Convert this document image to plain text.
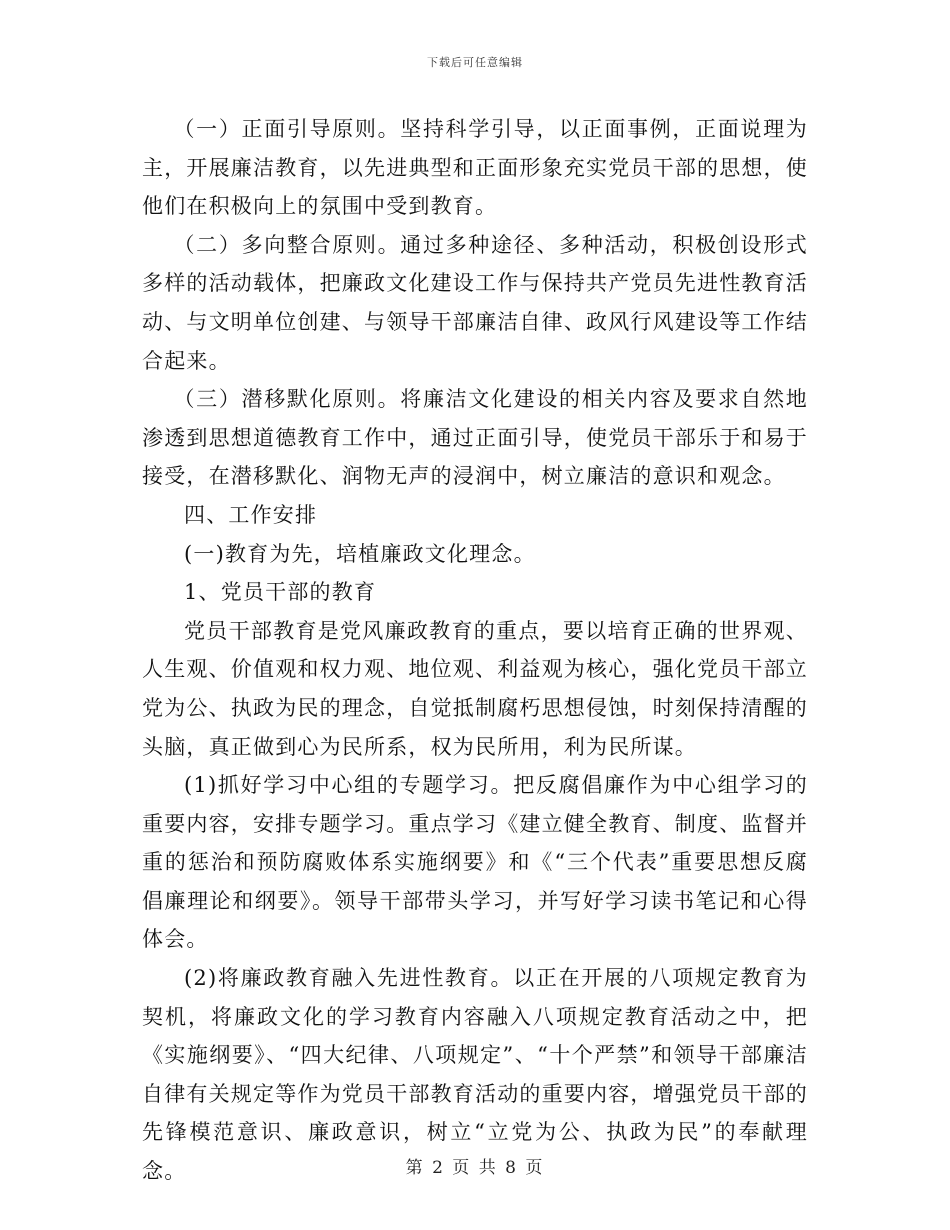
下载后可任意编辑

（一）正面引导原则。坚持科学引导，以正面事例，正面说理为主，开展廉洁教育，以先进典型和正面形象充实党员干部的思想，使他们在积极向上的氛围中受到教育。

（二）多向整合原则。通过多种途径、多种活动，积极创设形式多样的活动载体，把廉政文化建设工作与保持共产党员先进性教育活动、与文明单位创建、与领导干部廉洁自律、政风行风建设等工作结合起来。

（三）潜移默化原则。将廉洁文化建设的相关内容及要求自然地渗透到思想道德教育工作中，通过正面引导，使党员干部乐于和易于接受，在潜移默化、润物无声的浸润中，树立廉洁的意识和观念。

四、工作安排

(一)教育为先，培植廉政文化理念。

1、党员干部的教育

党员干部教育是党风廉政教育的重点，要以培育正确的世界观、人生观、价值观和权力观、地位观、利益观为核心，强化党员干部立党为公、执政为民的理念，自觉抵制腐朽思想侵蚀，时刻保持清醒的头脑，真正做到心为民所系，权为民所用，利为民所谋。

(1)抓好学习中心组的专题学习。把反腐倡廉作为中心组学习的重要内容，安排专题学习。重点学习《建立健全教育、制度、监督并重的惩治和预防腐败体系实施纲要》和《“三个代表”重要思想反腐倡廉理论和纲要》。领导干部带头学习，并写好学习读书笔记和心得体会。

(2)将廉政教育融入先进性教育。以正在开展的八项规定教育为契机，将廉政文化的学习教育内容融入八项规定教育活动之中，把《实施纲要》、“四大纪律、八项规定”、“十个严禁”和领导干部廉洁自律有关规定等作为党员干部教育活动的重要内容，增强党员干部的先锋模范意识、廉政意识，树立“立党为公、执政为民”的奉献理念。	第 2 页 共 8 页
